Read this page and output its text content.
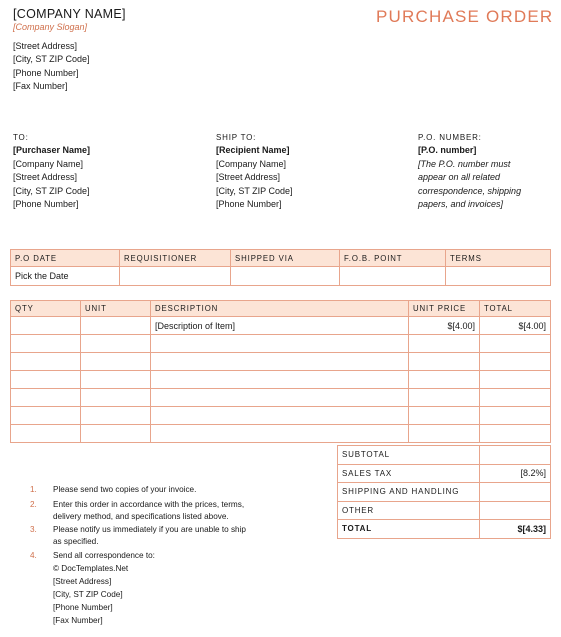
[COMPANY NAME]
[Company Slogan]
PURCHASE ORDER
[Street Address]
[City, ST ZIP Code]
[Phone Number]
[Fax Number]
TO:
[Purchaser Name]
[Company Name]
[Street Address]
[City, ST ZIP Code]
[Phone Number]
SHIP TO:
[Recipient Name]
[Company Name]
[Street Address]
[City, ST ZIP Code]
[Phone Number]
P.O. NUMBER:
[P.O. number]
[The P.O. number must
appear on all related
correspondence, shipping
papers, and invoices]
P.O DATE	REQUISITIONER	SHIPPED VIA	F.O.B. POINT	TERMS
Pick the Date				
QTY	UNIT	DESCRIPTION	UNIT PRICE	TOTAL
		[Description of Item]	$[4.00]	$[4.00]

SUBTOTAL	
SALES TAX	[8.2%]
SHIPPING AND HANDLING	
OTHER	
TOTAL	$[4.33]
1. Please send two copies of your invoice.
2. Enter this order in accordance with the prices, terms,
delivery method, and specifications listed above.
3. Please notify us immediately if you are unable to ship
as specified.
4. Send all correspondence to:
© DocTemplates.Net
[Street Address]
[City, ST ZIP Code]
[Phone Number]
[Fax Number]
